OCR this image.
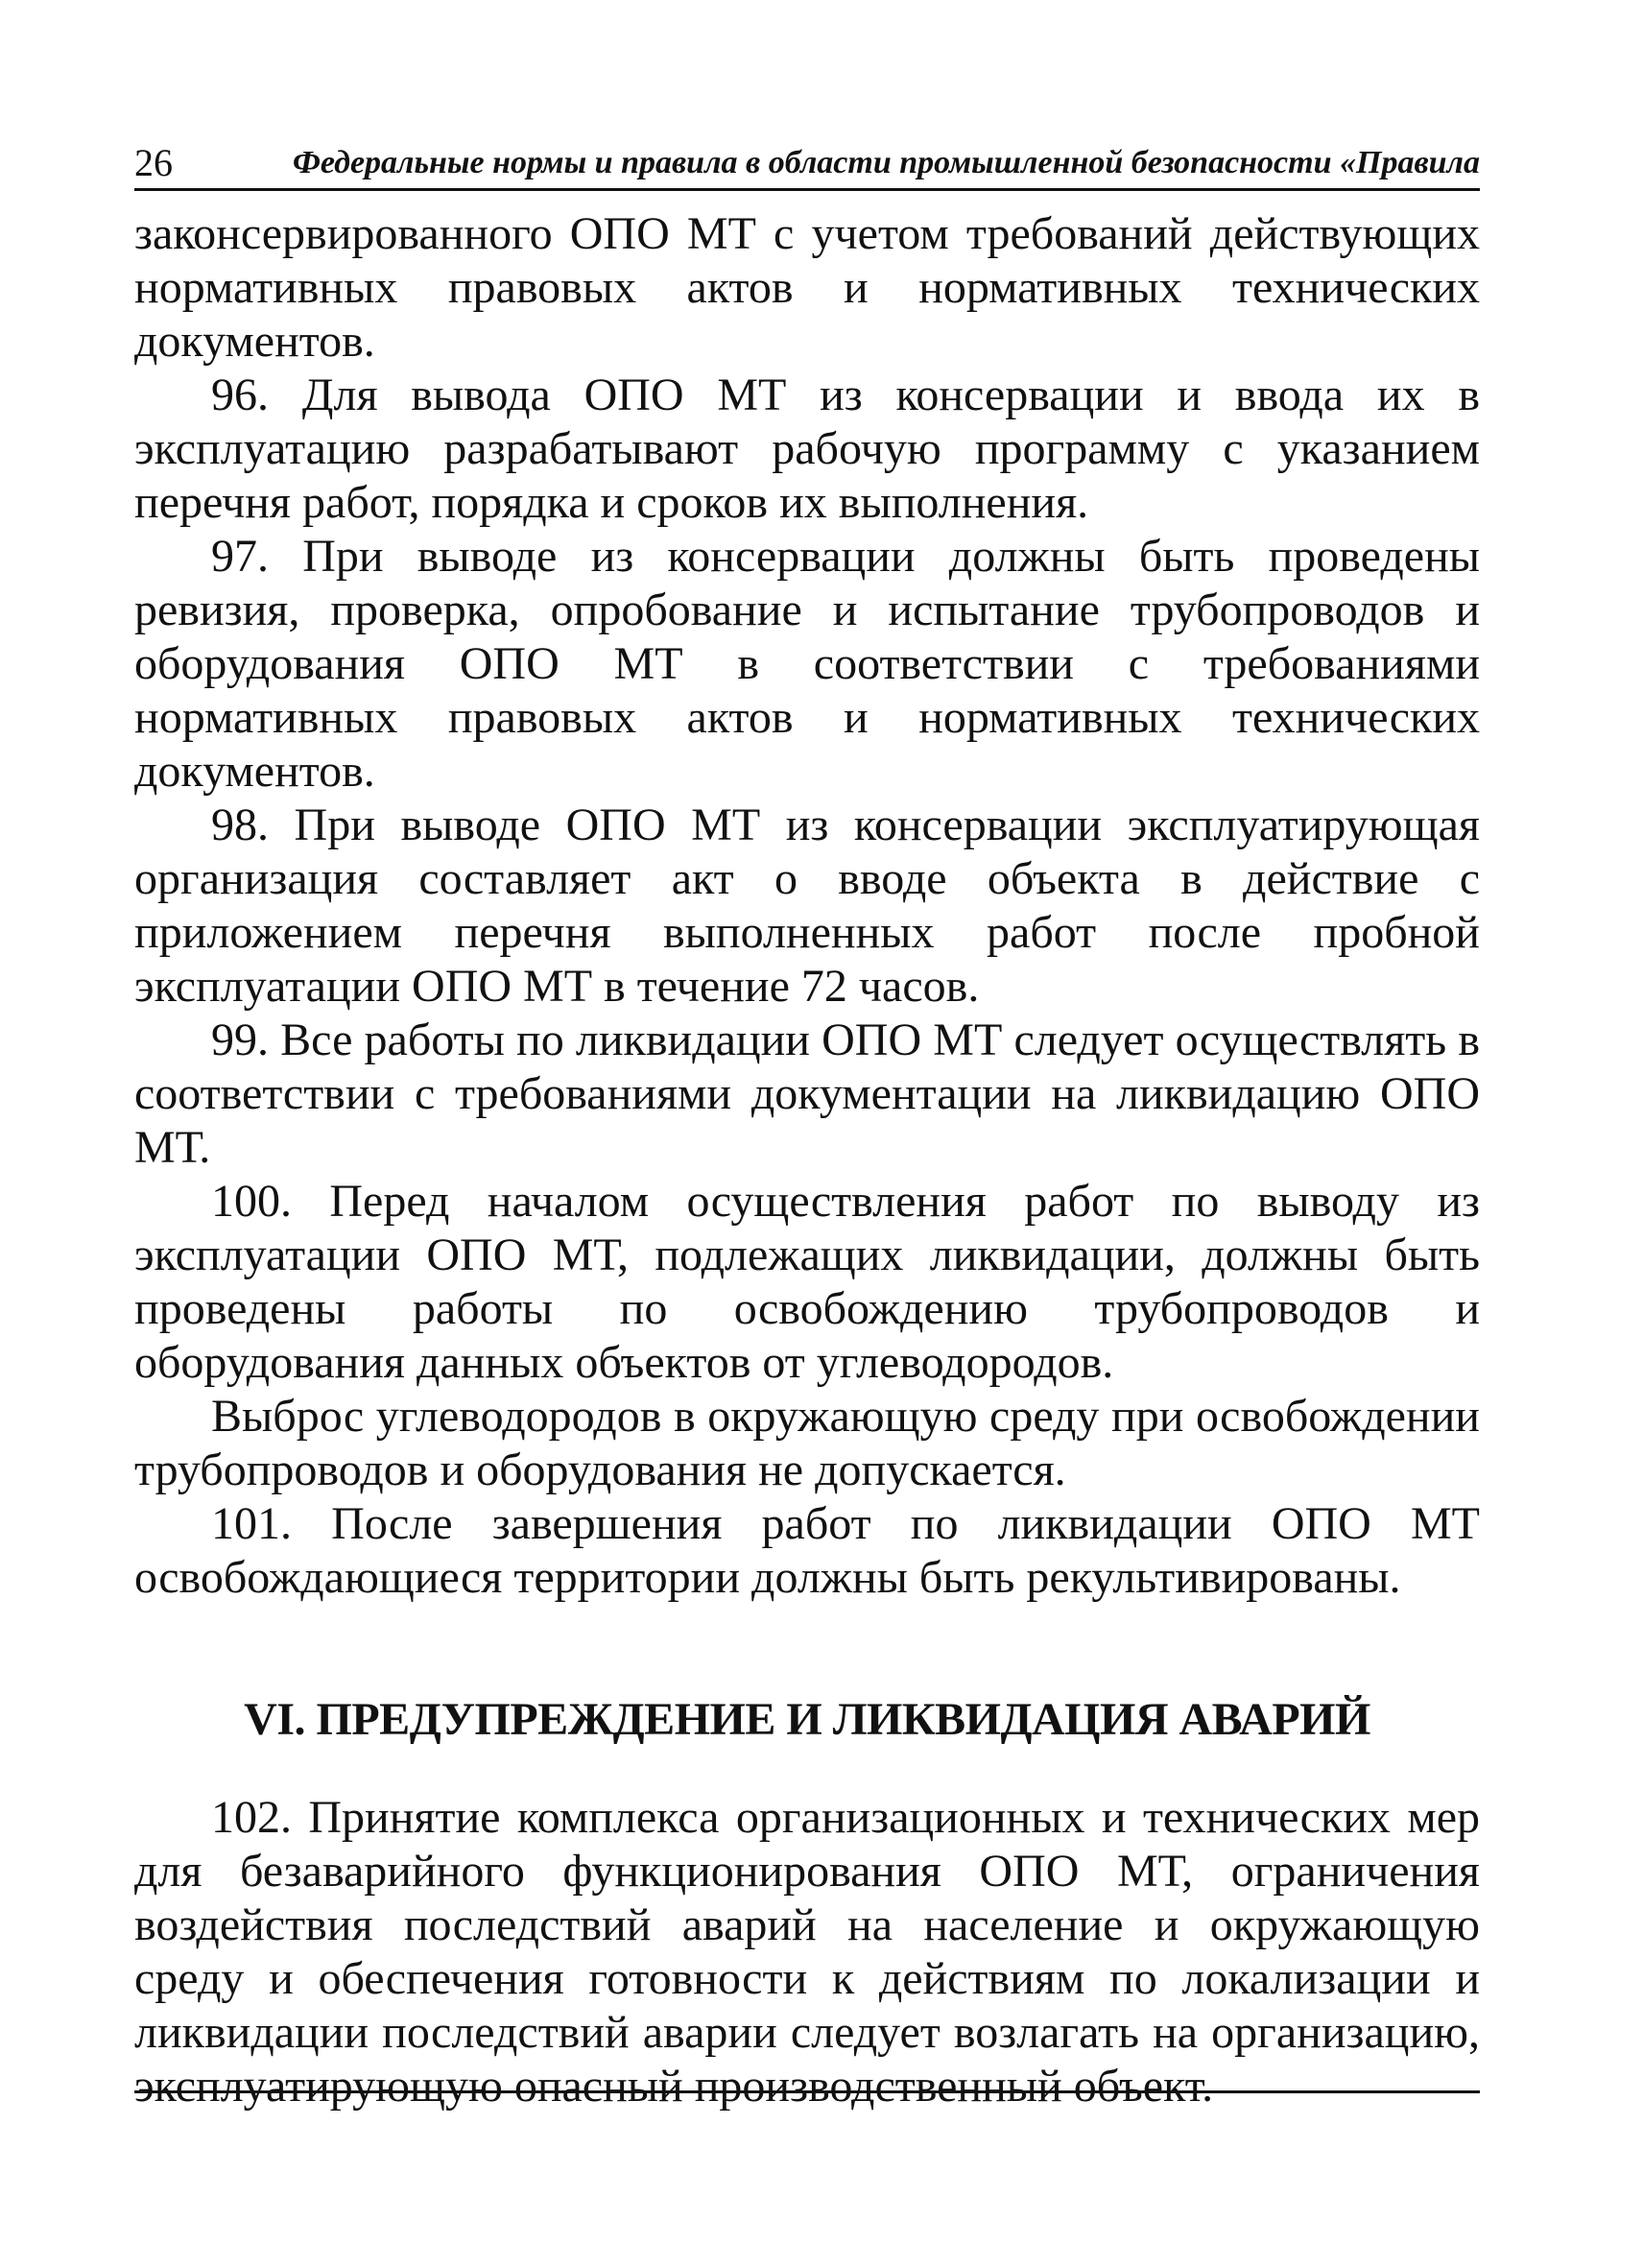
26	Федеральные нормы и правила в области промышленной безопасности «Правила

законсервированного ОПО МТ с учетом требований действующих нормативных правовых актов и нормативных технических документов.

96. Для вывода ОПО МТ из консервации и ввода их в эксплуатацию разрабатывают рабочую программу с указанием перечня работ, порядка и сроков их выполнения.

97. При выводе из консервации должны быть проведены ревизия, проверка, опробование и испытание трубопроводов и оборудования ОПО МТ в соответствии с требованиями нормативных правовых актов и нормативных технических документов.

98. При выводе ОПО МТ из консервации эксплуатирующая организация составляет акт о вводе объекта в действие с приложением перечня выполненных работ после пробной эксплуатации ОПО МТ в течение 72 часов.

99. Все работы по ликвидации ОПО МТ следует осуществлять в соответствии с требованиями документации на ликвидацию ОПО МТ.

100. Перед началом осуществления работ по выводу из эксплуатации ОПО МТ, подлежащих ликвидации, должны быть проведены работы по освобождению трубопроводов и оборудования данных объектов от углеводородов.

Выброс углеводородов в окружающую среду при освобождении трубопроводов и оборудования не допускается.

101. После завершения работ по ликвидации ОПО МТ освобождающиеся территории должны быть рекультивированы.

VI. ПРЕДУПРЕЖДЕНИЕ И ЛИКВИДАЦИЯ АВАРИЙ

102. Принятие комплекса организационных и технических мер для безаварийного функционирования ОПО МТ, ограничения воздействия последствий аварий на население и окружающую среду и обеспечения готовности к действиям по локализации и ликвидации последствий аварии следует возлагать на организацию, эксплуатирующую опасный производственный объект.
